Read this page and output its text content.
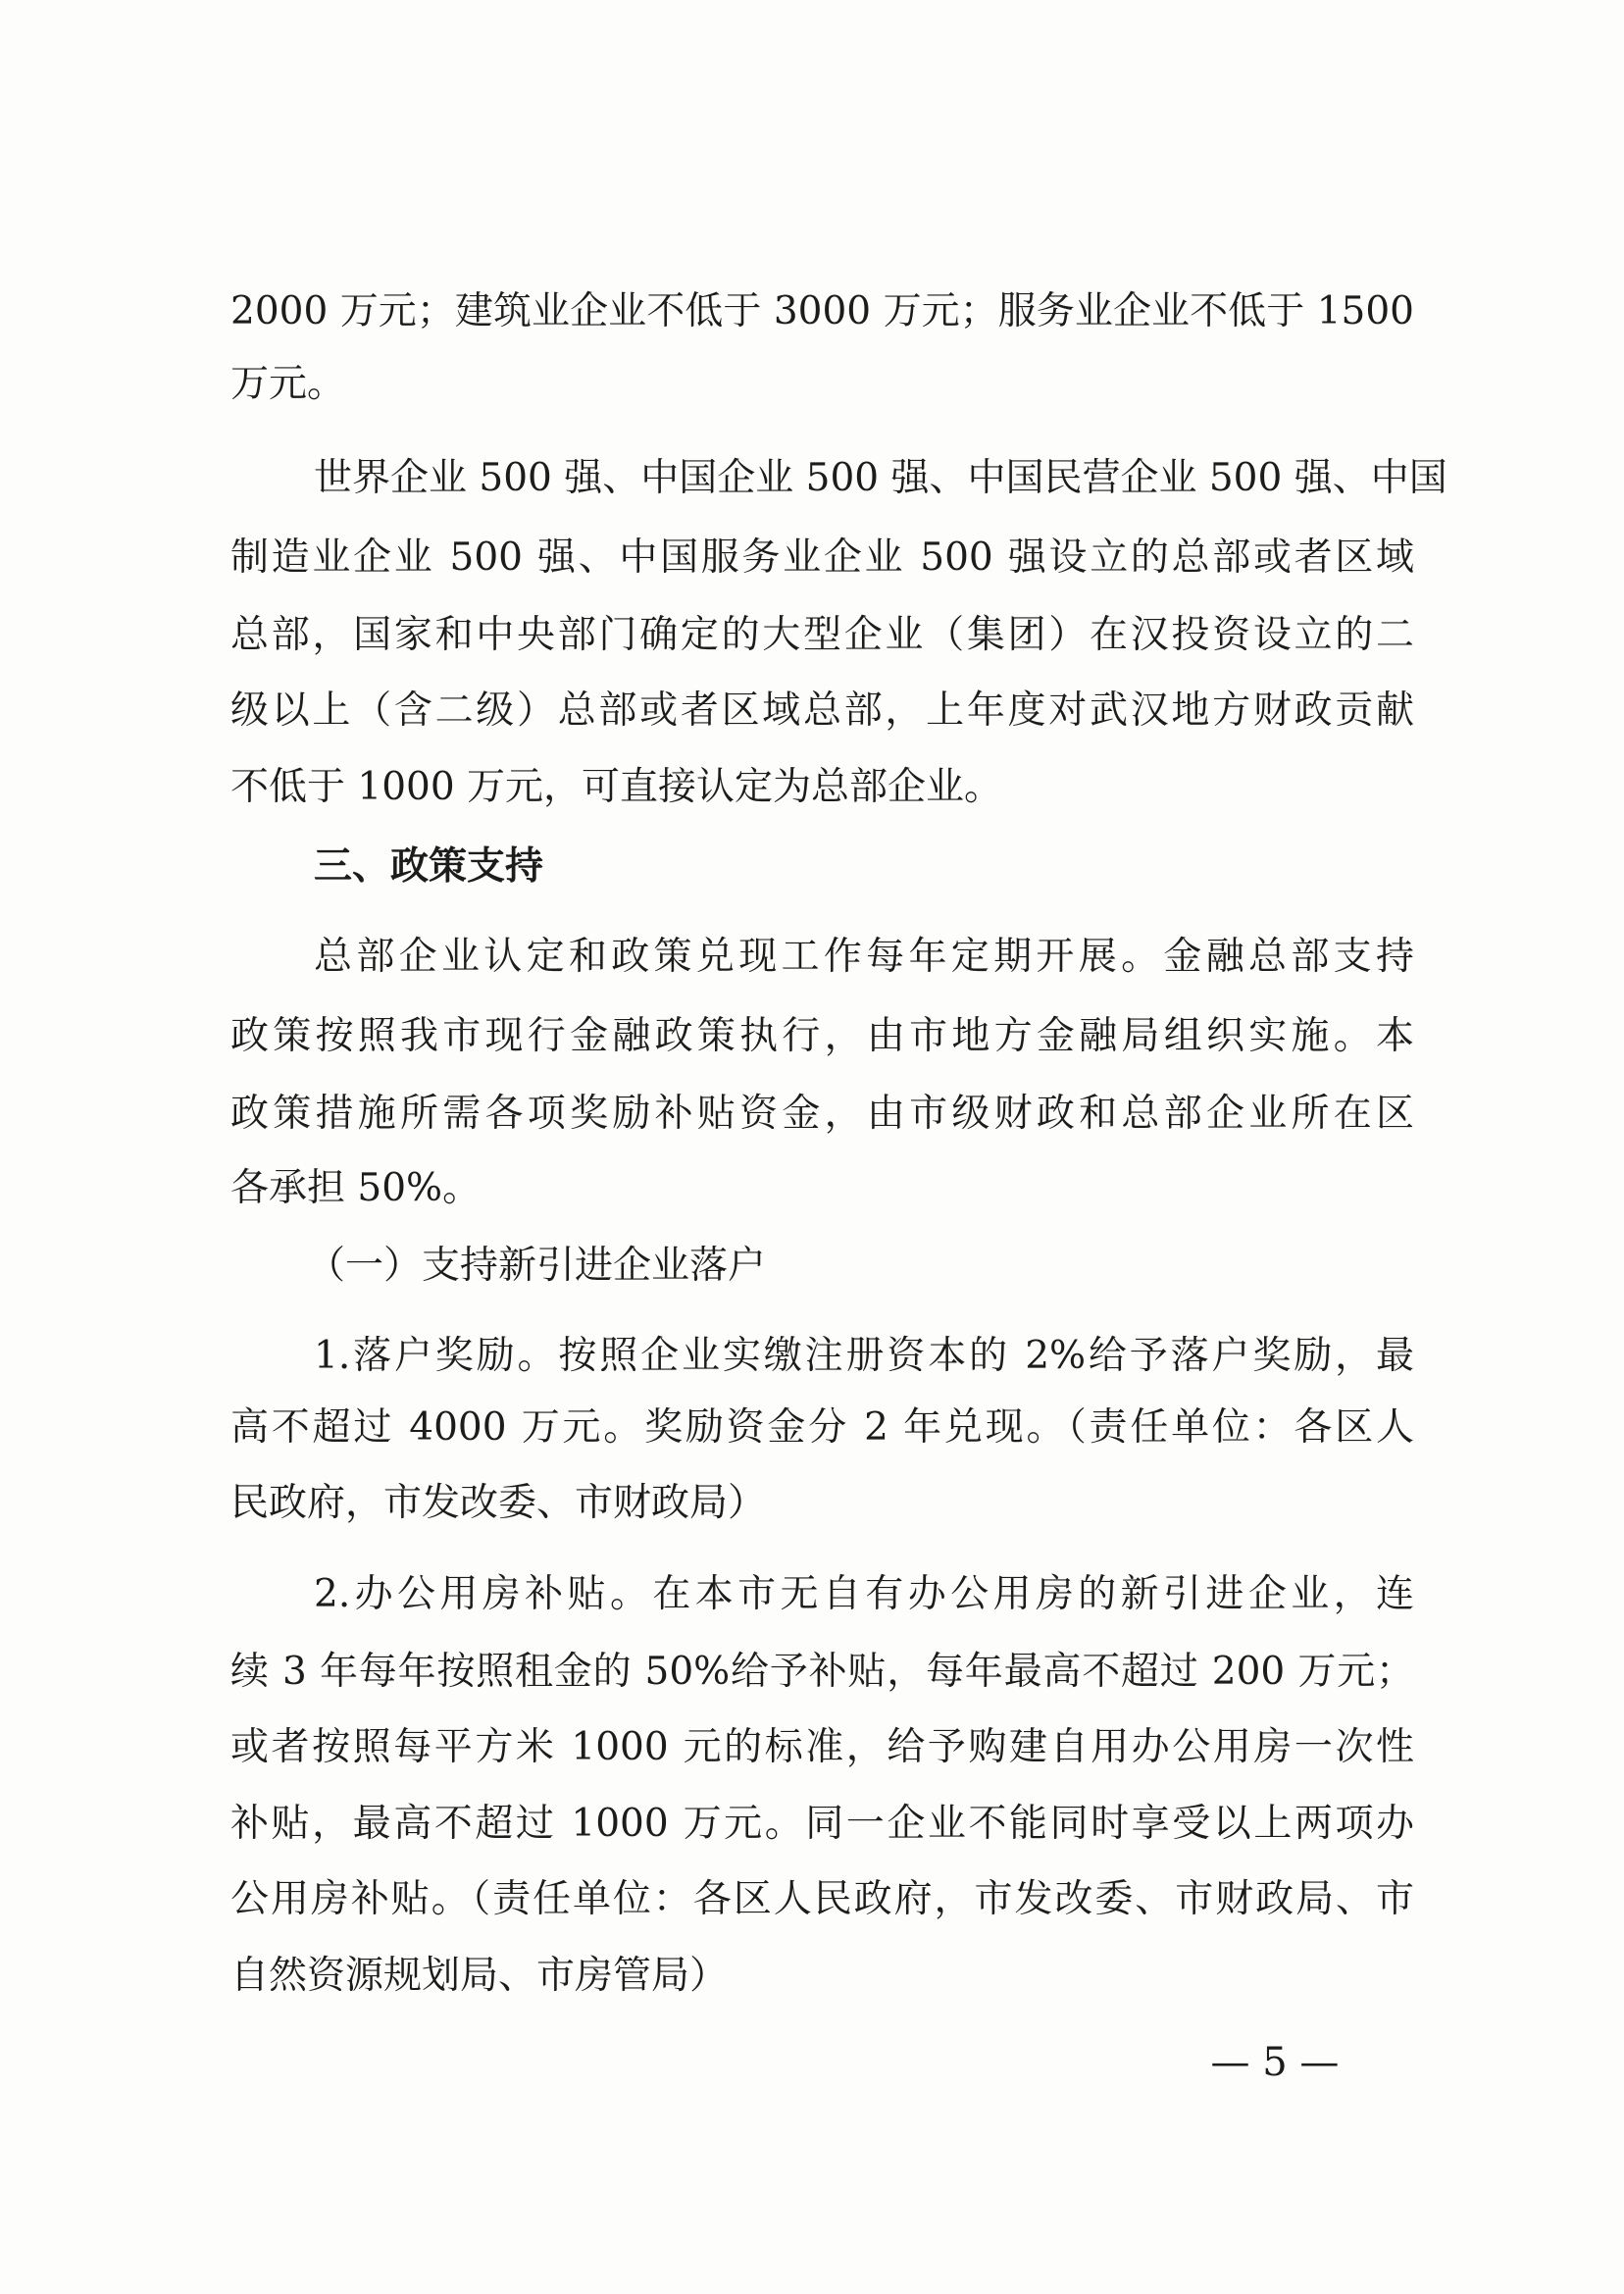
2000 万元；建筑业企业不低于 3000 万元；服务业企业不低于 1500
万元。
世界企业 500 强、中国企业 500 强、中国民营企业 500 强、中国
制造业企业 500 强、中国服务业企业 500 强设立的总部或者区域
总部，国家和中央部门确定的大型企业（集团）在汉投资设立的二
级以上（含二级）总部或者区域总部，上年度对武汉地方财政贡献
不低于 1000 万元，可直接认定为总部企业。
三、政策支持
总部企业认定和政策兑现工作每年定期开展。金融总部支持
政策按照我市现行金融政策执行，由市地方金融局组织实施。本
政策措施所需各项奖励补贴资金，由市级财政和总部企业所在区
各承担 50%。
（一）支持新引进企业落户
1.落户奖励。按照企业实缴注册资本的 2%给予落户奖励，最
高不超过 4000 万元。奖励资金分 2 年兑现。（责任单位：各区人
民政府，市发改委、市财政局）
2.办公用房补贴。在本市无自有办公用房的新引进企业，连
续 3 年每年按照租金的 50%给予补贴，每年最高不超过 200 万元；
或者按照每平方米 1000 元的标准，给予购建自用办公用房一次性
补贴，最高不超过 1000 万元。同一企业不能同时享受以上两项办
公用房补贴。（责任单位：各区人民政府，市发改委、市财政局、市
自然资源规划局、市房管局）
— 5 —
